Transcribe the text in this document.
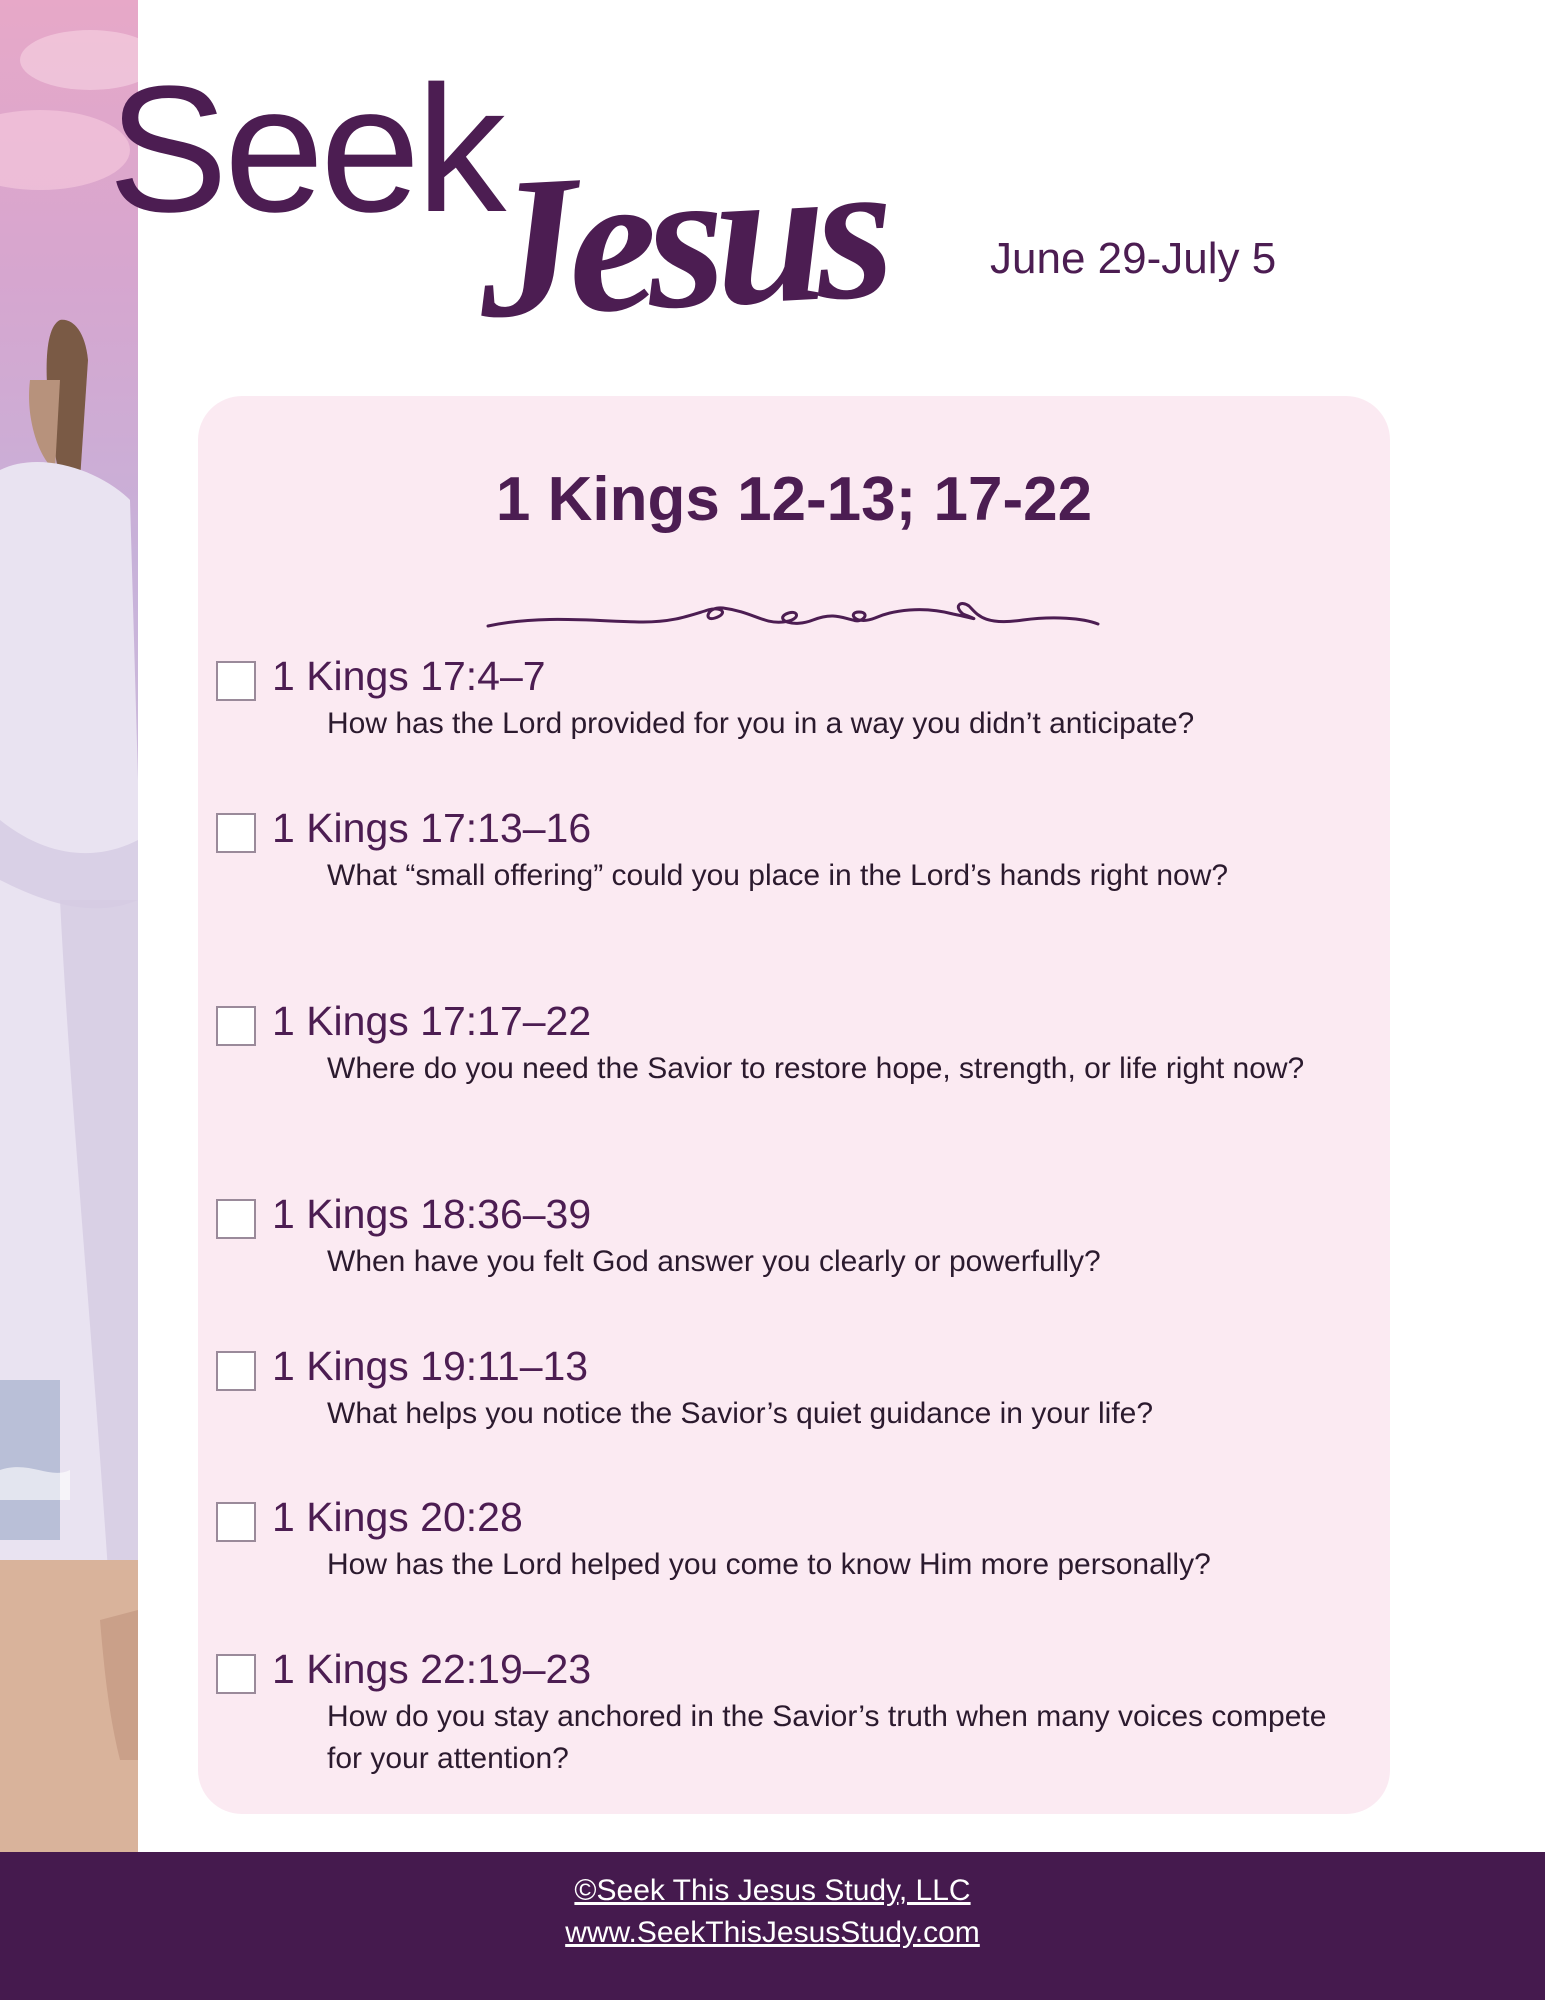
Seek
Jesus June 29-July 5
1 Kings 12-13; 17-22
1 Kings 17:4–7
How has the Lord provided for you in a way you didn’t anticipate?
1 Kings 17:13–16
What “small offering” could you place in the Lord’s hands right now?
1 Kings 17:17–22
Where do you need the Savior to restore hope, strength, or life right now?
1 Kings 18:36–39
When have you felt God answer you clearly or powerfully?
1 Kings 19:11–13
What helps you notice the Savior’s quiet guidance in your life?
1 Kings 20:28
How has the Lord helped you come to know Him more personally?
1 Kings 22:19–23
How do you stay anchored in the Savior’s truth when many voices compete for your attention?
©Seek This Jesus Study, LLC
www.SeekThisJesusStudy.com
